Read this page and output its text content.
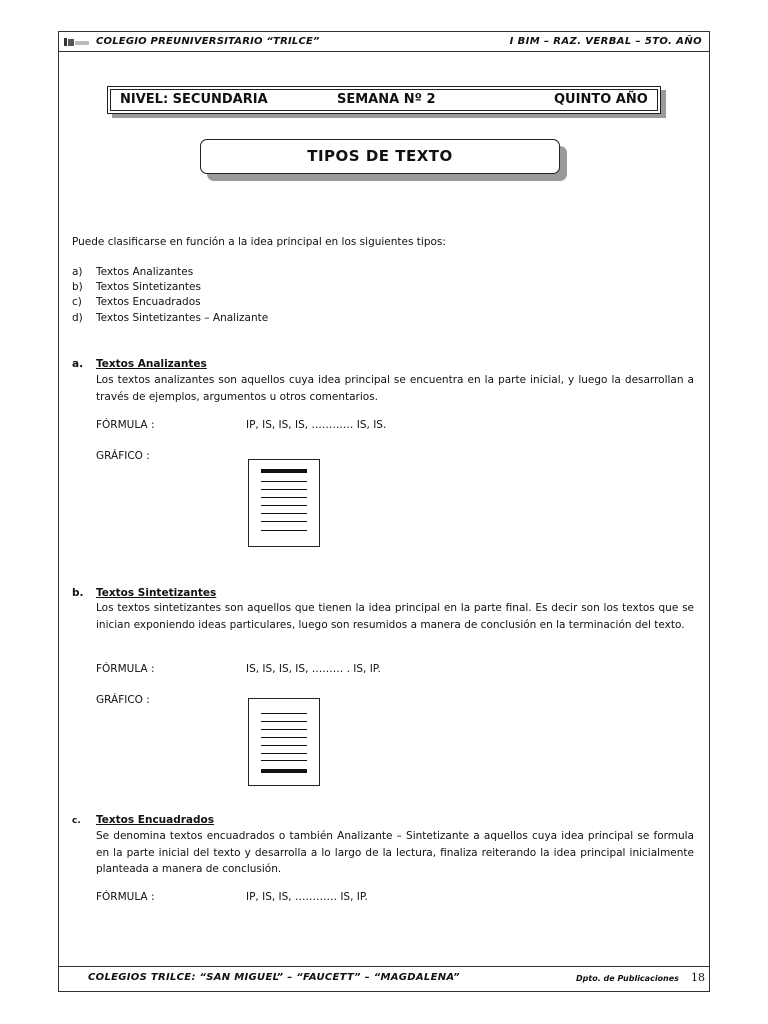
COLEGIO PREUNIVERSITARIO “TRILCE”	I BIM – RAZ. VERBAL – 5TO. AÑO
NIVEL: SECUNDARIA	SEMANA Nº 2	QUINTO AÑO
TIPOS DE TEXTO
Puede clasificarse en función a la idea principal en los siguientes tipos:
a) Textos Analizantes
b) Textos Sintetizantes
c) Textos Encuadrados
d) Textos Sintetizantes – Analizante
a. Textos Analizantes
Los textos analizantes son aquellos cuya idea principal se encuentra en la parte inicial, y luego la desarrollan a través de ejemplos, argumentos u otros comentarios.
FÓRMULA :	IP, IS, IS, IS, ………… IS, IS.
GRÁFICO :
b. Textos Sintetizantes
Los textos sintetizantes son aquellos que tienen la idea principal en la parte final. Es decir son los textos que se inician exponiendo ideas particulares, luego son resumidos a manera de conclusión en la terminación del texto.
FÓRMULA :	IS, IS, IS, IS, ……… . IS, IP.
GRÁFICO :
c. Textos Encuadrados
Se denomina textos encuadrados o también Analizante – Sintetizante a aquellos cuya idea principal se formula en la parte inicial del texto y desarrolla a lo largo de la lectura, finaliza reiterando la idea principal inicialmente planteada a manera de conclusión.
FÓRMULA :	IP, IS, IS, ………… IS, IP.
COLEGIOS TRILCE: “SAN MIGUEL” – “FAUCETT” – “MAGDALENA”	Dpto. de Publicaciones 18
